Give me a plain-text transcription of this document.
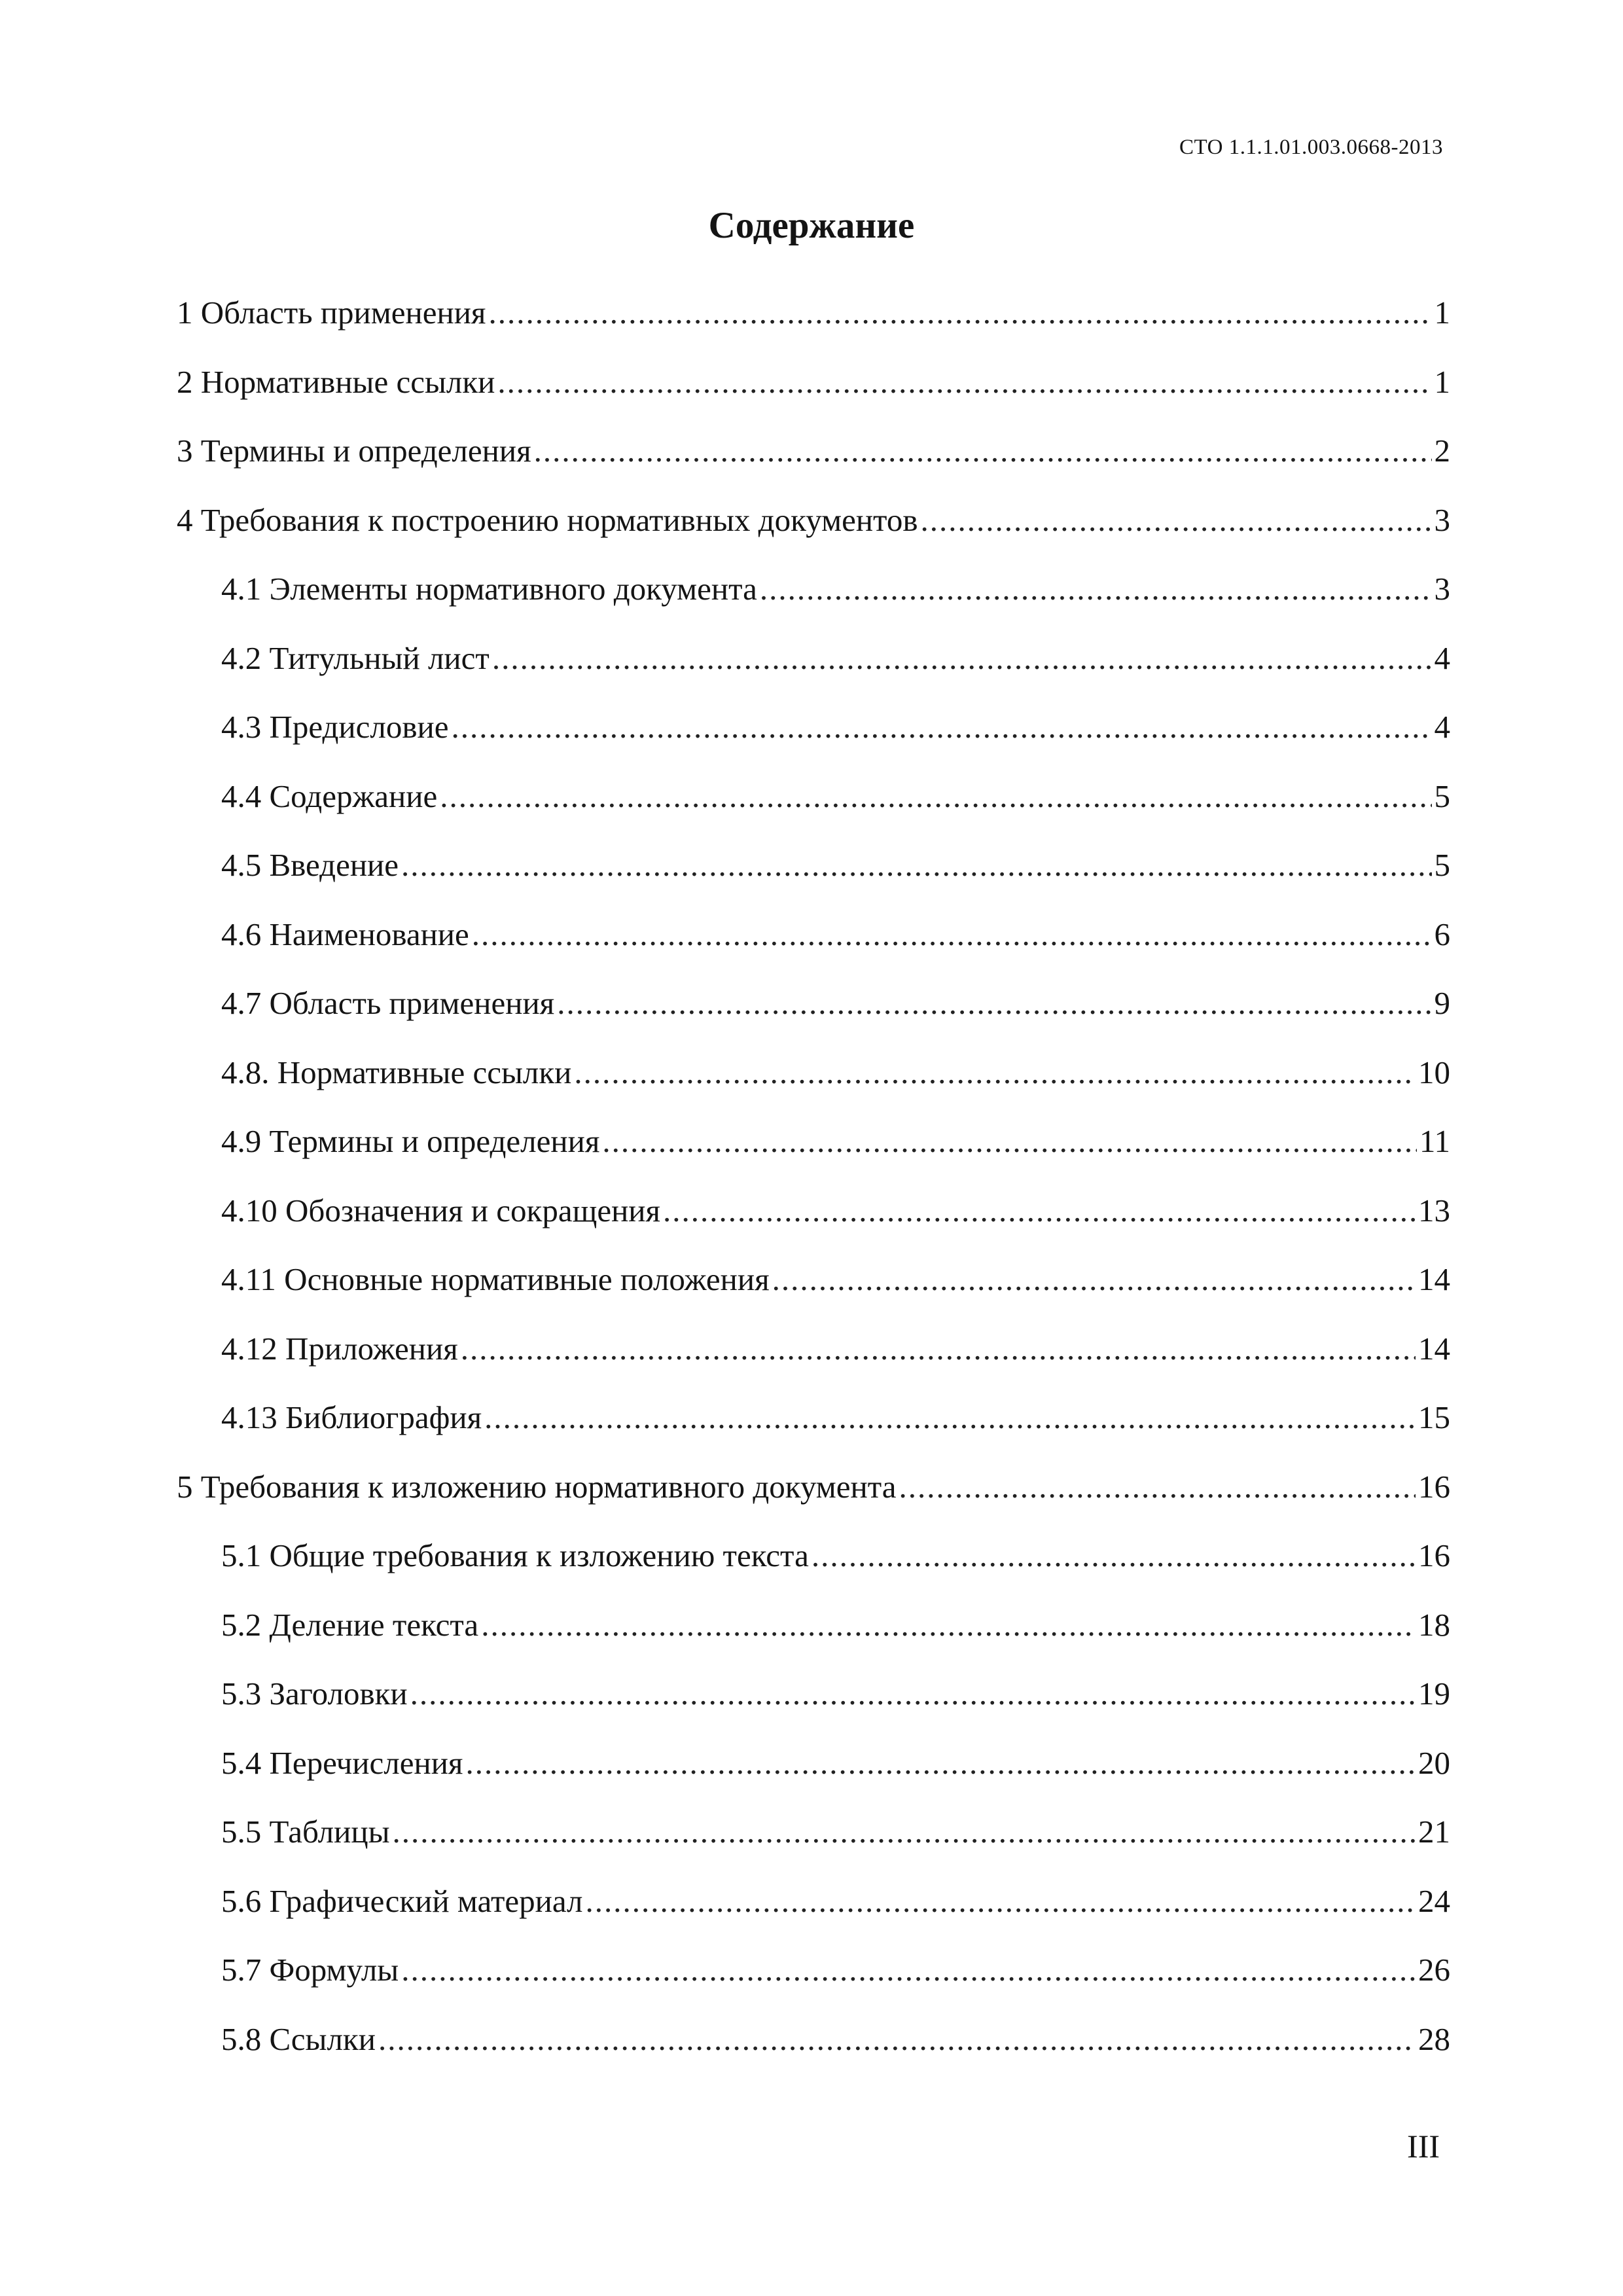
СТО 1.1.1.01.003.0668-2013
Содержание
1 Область применения .....	1
2 Нормативные ссылки .....	1
3 Термины и определения .....	2
4 Требования к построению нормативных документов .....	3
4.1 Элементы нормативного документа .....	3
4.2 Титульный лист .....	4
4.3 Предисловие .....	4
4.4 Содержание .....	5
4.5 Введение .....	5
4.6 Наименование .....	6
4.7 Область применения .....	9
4.8. Нормативные ссылки .....	10
4.9 Термины и определения .....	11
4.10 Обозначения и сокращения .....	13
4.11 Основные нормативные положения .....	14
4.12 Приложения .....	14
4.13 Библиография .....	15
5 Требования к изложению нормативного документа .....	16
5.1 Общие требования к изложению текста .....	16
5.2 Деление текста .....	18
5.3 Заголовки .....	19
5.4 Перечисления .....	20
5.5 Таблицы .....	21
5.6 Графический материал .....	24
5.7 Формулы .....	26
5.8 Ссылки .....	28
III
